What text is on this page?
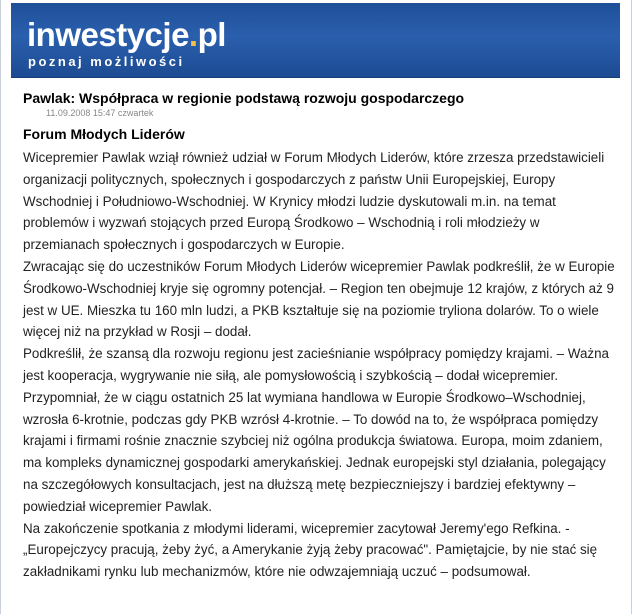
inwestycje.pl
poznaj możliwości
Pawlak: Współpraca w regionie podstawą rozwoju gospodarczego
11.09.2008 15:47 czwartek
Forum Młodych Liderów

Wicepremier Pawlak wziął również udział w Forum Młodych Liderów, które zrzesza przedstawicieli organizacji politycznych, społecznych i gospodarczych z państw Unii Europejskiej, Europy Wschodniej i Południowo-Wschodniej. W Krynicy młodzi ludzie dyskutowali m.in. na temat problemów i wyzwań stojących przed Europą Środkowo – Wschodnią i roli młodzieży w przemianach społecznych i gospodarczych w Europie.

Zwracając się do uczestników Forum Młodych Liderów wicepremier Pawlak podkreślił, że w Europie Środkowo-Wschodniej kryje się ogromny potencjał. – Region ten obejmuje 12 krajów, z których aż 9 jest w UE. Mieszka tu 160 mln ludzi, a PKB kształtuje się na poziomie tryliona dolarów. To o wiele więcej niż na przykład w Rosji – dodał.

Podkreślił, że szansą dla rozwoju regionu jest zacieśnianie współpracy pomiędzy krajami. – Ważna jest kooperacja, wygrywanie nie siłą, ale pomysłowością i szybkością – dodał wicepremier.

Przypomniał, że w ciągu ostatnich 25 lat wymiana handlowa w Europie Środkowo–Wschodniej, wzrosła 6-krotnie, podczas gdy PKB wzrósł 4-krotnie. – To dowód na to, że współpraca pomiędzy krajami i firmami rośnie znacznie szybciej niż ogólna produkcja światowa. Europa, moim zdaniem, ma kompleks dynamicznej gospodarki amerykańskiej. Jednak europejski styl działania, polegający na szczegółowych konsultacjach, jest na dłuższą metę bezpieczniejszy i bardziej efektywny – powiedział wicepremier Pawlak.

Na zakończenie spotkania z młodymi liderami, wicepremier zacytował Jeremy'ego Refkina. - „Europejczycy pracują, żeby żyć, a Amerykanie żyją żeby pracować". Pamiętajcie, by nie stać się zakładnikami rynku lub mechanizmów, które nie odwzajemniają uczuć – podsumował.
